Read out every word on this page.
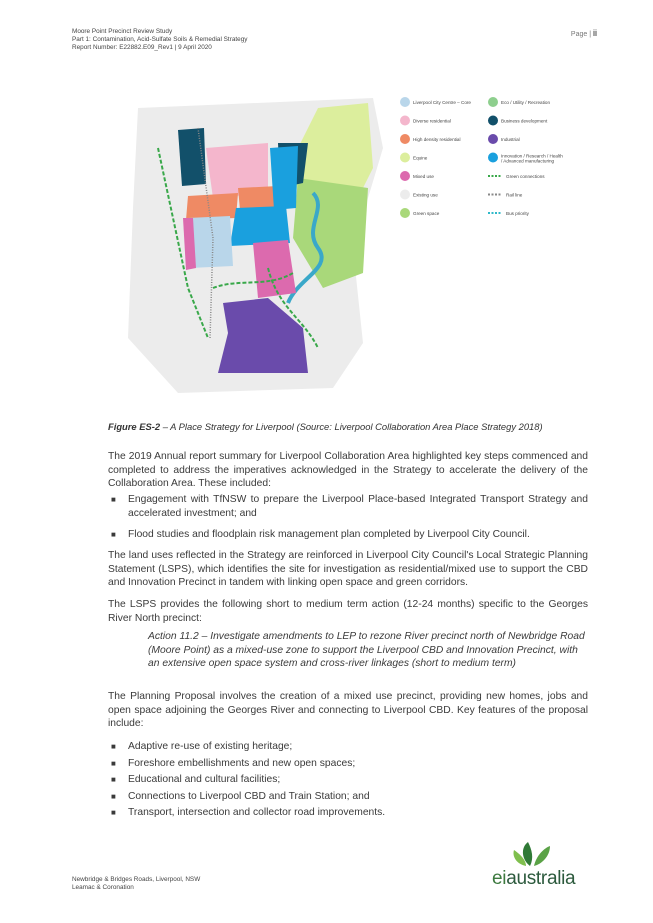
Moore Point Precinct Review Study
Part 1: Contamination, Acid-Sulfate Soils & Remedial Strategy
Report Number: E22882.E09_Rev1 | 9 April 2020
Page | ii
Liverpool City Centre – Core	Eco / Utility / Recreation
Diverse residential	Business development
High density residential	Industrial
Equine	Innovation / Research / Health / Advanced manufacturing
Mixed use	Green connections
Existing use	Rail line
Green space	Bus priority
Figure ES-2 – A Place Strategy for Liverpool (Source: Liverpool Collaboration Area Place Strategy 2018)

The 2019 Annual report summary for Liverpool Collaboration Area highlighted key steps commenced and completed to address the imperatives acknowledged in the Strategy to accelerate the delivery of the Collaboration Area. These included:

■ Engagement with TfNSW to prepare the Liverpool Place-based Integrated Transport Strategy and accelerated investment; and
■ Flood studies and floodplain risk management plan completed by Liverpool City Council.

The land uses reflected in the Strategy are reinforced in Liverpool City Council's Local Strategic Planning Statement (LSPS), which identifies the site for investigation as residential/mixed use to support the CBD and Innovation Precinct in tandem with linking open space and green corridors.

The LSPS provides the following short to medium term action (12-24 months) specific to the Georges River North precinct:

Action 11.2 – Investigate amendments to LEP to rezone River precinct north of Newbridge Road (Moore Point) as a mixed-use zone to support the Liverpool CBD and Innovation Precinct, with an extensive open space system and cross-river linkages (short to medium term)

The Planning Proposal involves the creation of a mixed use precinct, providing new homes, jobs and open space adjoining the Georges River and connecting to Liverpool CBD. Key features of the proposal include:

■ Adaptive re-use of existing heritage;
■ Foreshore embellishments and new open spaces;
■ Educational and cultural facilities;
■ Connections to Liverpool CBD and Train Station; and
■ Transport, intersection and collector road improvements.
Newbridge & Bridges Roads, Liverpool, NSW
Leamac & Coronation	eiaustralia
